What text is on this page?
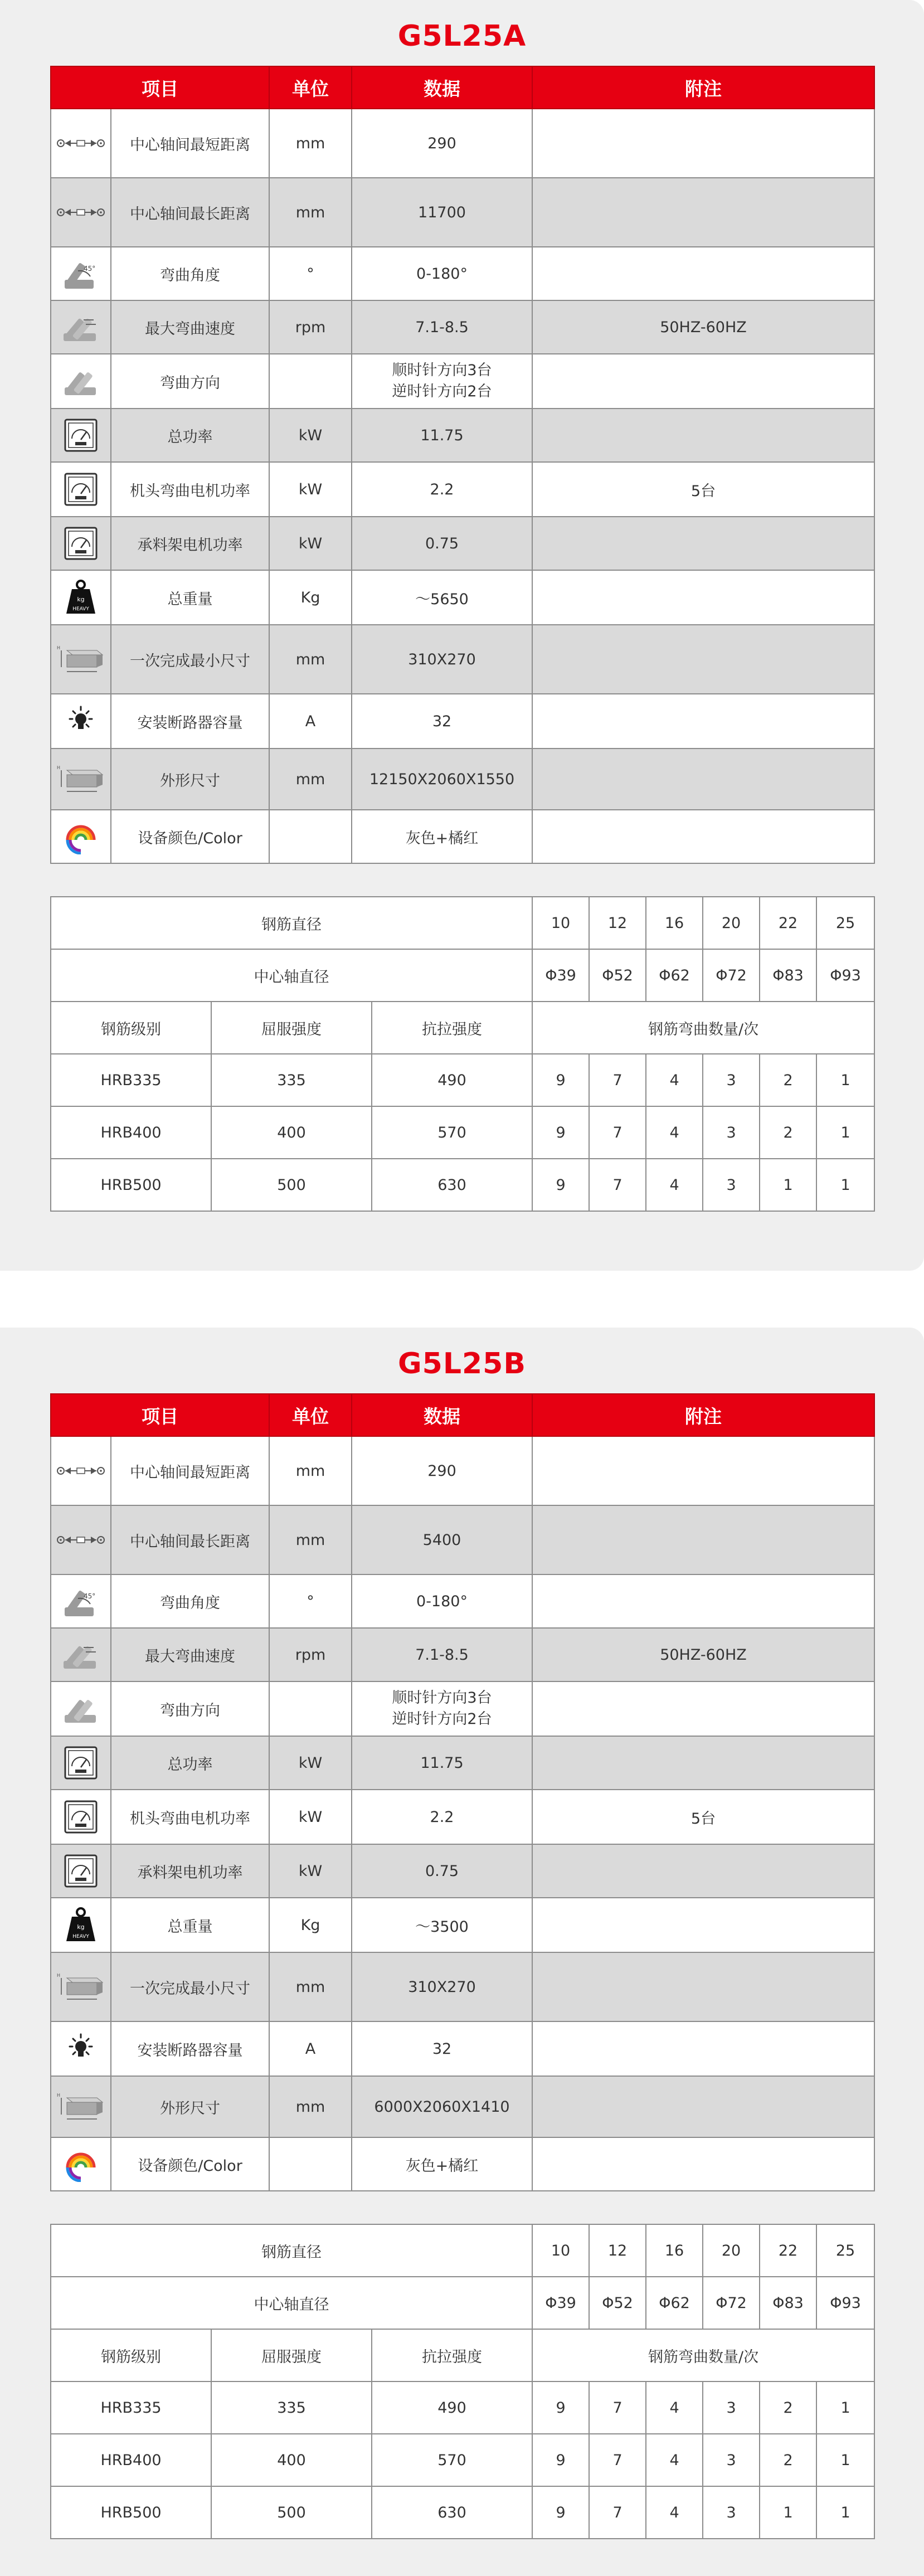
G5L25A
项目		单位	数据	附注

	中心轴间最短距离	mm	290	

	中心轴间最长距离	mm	11700	

45°	弯曲角度	°	0-180°	

	最大弯曲速度	rpm	7.1-8.5	50HZ-60HZ

	弯曲方向		顺时针方向3台
逆时针方向2台	

	总功率	kW	11.75	

	机头弯曲电机功率	kW	2.2	5台

	承料架电机功率	kW	0.75	

kg
HEAVY	总重量	Kg	～5650	

H	一次完成最小尺寸	mm	310X270	

	安装断路器容量	A	32	

H	外形尺寸	mm	12150X2060X1550	

	设备颜色/Color		灰色+橘红	
钢筋直径			10	12	16	20	22	25
中心轴直径			Φ39	Φ52	Φ62	Φ72	Φ83	Φ93
钢筋级别	屈服强度	抗拉强度	钢筋弯曲数量/次					
HRB335	335	490	9	7	4	3	2	1
HRB400	400	570	9	7	4	3	2	1
HRB500	500	630	9	7	4	3	1	1
G5L25B
项目		单位	数据	附注

	中心轴间最短距离	mm	290	

	中心轴间最长距离	mm	5400	

45°	弯曲角度	°	0-180°	

	最大弯曲速度	rpm	7.1-8.5	50HZ-60HZ

	弯曲方向		顺时针方向3台
逆时针方向2台	

	总功率	kW	11.75	

	机头弯曲电机功率	kW	2.2	5台

	承料架电机功率	kW	0.75	

kg
HEAVY	总重量	Kg	～3500	

H	一次完成最小尺寸	mm	310X270	

	安装断路器容量	A	32	

H	外形尺寸	mm	6000X2060X1410	

	设备颜色/Color		灰色+橘红	
钢筋直径			10	12	16	20	22	25
中心轴直径			Φ39	Φ52	Φ62	Φ72	Φ83	Φ93
钢筋级别	屈服强度	抗拉强度	钢筋弯曲数量/次					
HRB335	335	490	9	7	4	3	2	1
HRB400	400	570	9	7	4	3	2	1
HRB500	500	630	9	7	4	3	1	1
